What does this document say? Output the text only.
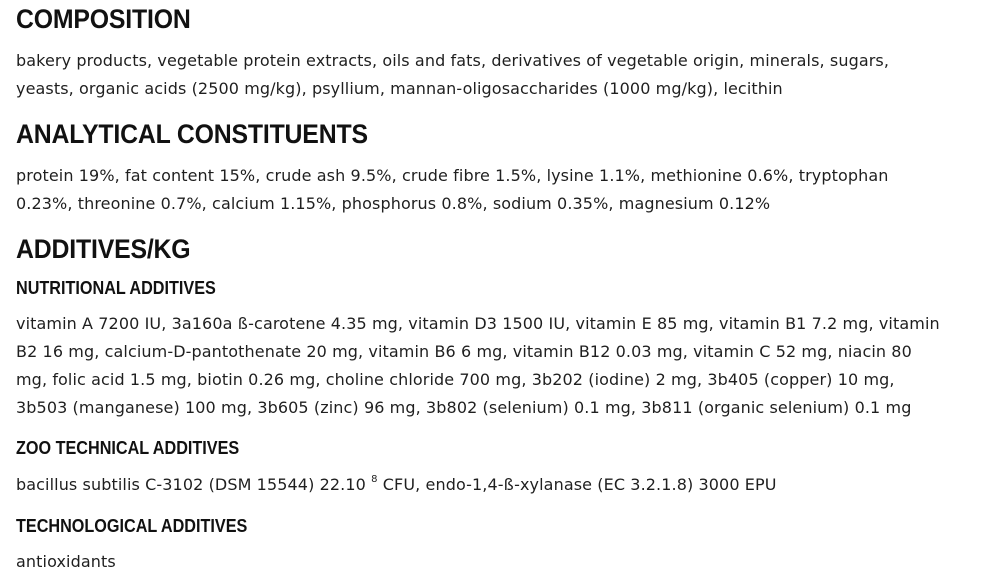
COMPOSITION

bakery products, vegetable protein extracts, oils and fats, derivatives of vegetable origin, minerals, sugars, yeasts, organic acids (2500 mg/kg), psyllium, mannan-oligosaccharides (1000 mg/kg), lecithin

ANALYTICAL CONSTITUENTS

protein 19%, fat content 15%, crude ash 9.5%, crude fibre 1.5%, lysine 1.1%, methionine 0.6%, tryptophan 0.23%, threonine 0.7%, calcium 1.15%, phosphorus 0.8%, sodium 0.35%, magnesium 0.12%

ADDITIVES/KG
NUTRITIONAL ADDITIVES

vitamin A 7200 IU, 3a160a ß-carotene 4.35 mg, vitamin D3 1500 IU, vitamin E 85 mg, vitamin B1 7.2 mg, vitamin B2 16 mg, calcium-D-pantothenate 20 mg, vitamin B6 6 mg, vitamin B12 0.03 mg, vitamin C 52 mg, niacin 80 mg, folic acid 1.5 mg, biotin 0.26 mg, choline chloride 700 mg, 3b202 (iodine) 2 mg, 3b405 (copper) 10 mg, 3b503 (manganese) 100 mg, 3b605 (zinc) 96 mg, 3b802 (selenium) 0.1 mg, 3b811 (organic selenium) 0.1 mg

ZOO TECHNICAL ADDITIVES

bacillus subtilis C-3102 (DSM 15544) 22.10 $^8$ CFU, endo-1,4-ß-xylanase (EC 3.2.1.8) 3000 EPU

TECHNOLOGICAL ADDITIVES

antioxidants
